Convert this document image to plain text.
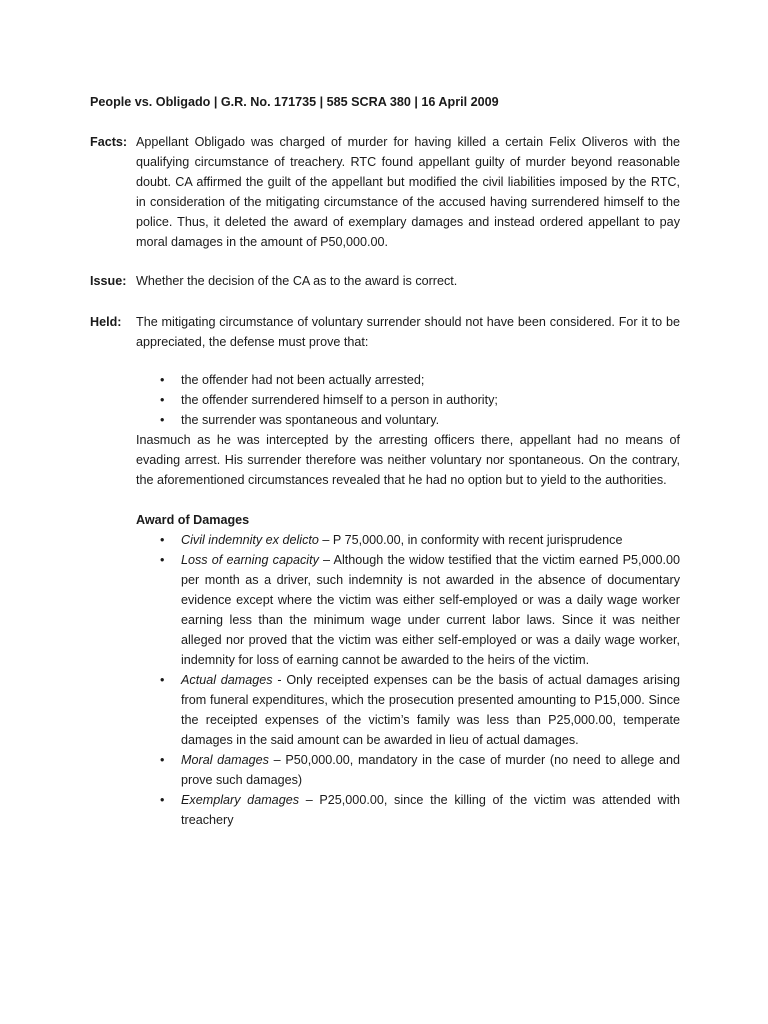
People vs. Obligado | G.R. No. 171735 | 585 SCRA 380 | 16 April 2009
Facts: Appellant Obligado was charged of murder for having killed a certain Felix Oliveros with the qualifying circumstance of treachery. RTC found appellant guilty of murder beyond reasonable doubt. CA affirmed the guilt of the appellant but modified the civil liabilities imposed by the RTC, in consideration of the mitigating circumstance of the accused having surrendered himself to the police. Thus, it deleted the award of exemplary damages and instead ordered appellant to pay moral damages in the amount of P50,000.00.

Issue: Whether the decision of the CA as to the award is correct.

Held: The mitigating circumstance of voluntary surrender should not have been considered. For it to be appreciated, the defense must prove that:

• the offender had not been actually arrested;
• the offender surrendered himself to a person in authority;
• the surrender was spontaneous and voluntary.

Inasmuch as he was intercepted by the arresting officers there, appellant had no means of evading arrest. His surrender therefore was neither voluntary nor spontaneous. On the contrary, the aforementioned circumstances revealed that he had no option but to yield to the authorities.

Award of Damages
• Civil indemnity ex delicto – P 75,000.00, in conformity with recent jurisprudence
• Loss of earning capacity – Although the widow testified that the victim earned P5,000.00 per month as a driver, such indemnity is not awarded in the absence of documentary evidence except where the victim was either self-employed or was a daily wage worker earning less than the minimum wage under current labor laws. Since it was neither alleged nor proved that the victim was either self-employed or was a daily wage worker, indemnity for loss of earning cannot be awarded to the heirs of the victim.
• Actual damages - Only receipted expenses can be the basis of actual damages arising from funeral expenditures, which the prosecution presented amounting to P15,000. Since the receipted expenses of the victim’s family was less than P25,000.00, temperate damages in the said amount can be awarded in lieu of actual damages.
• Moral damages – P50,000.00, mandatory in the case of murder (no need to allege and prove such damages)
• Exemplary damages – P25,000.00, since the killing of the victim was attended with treachery
